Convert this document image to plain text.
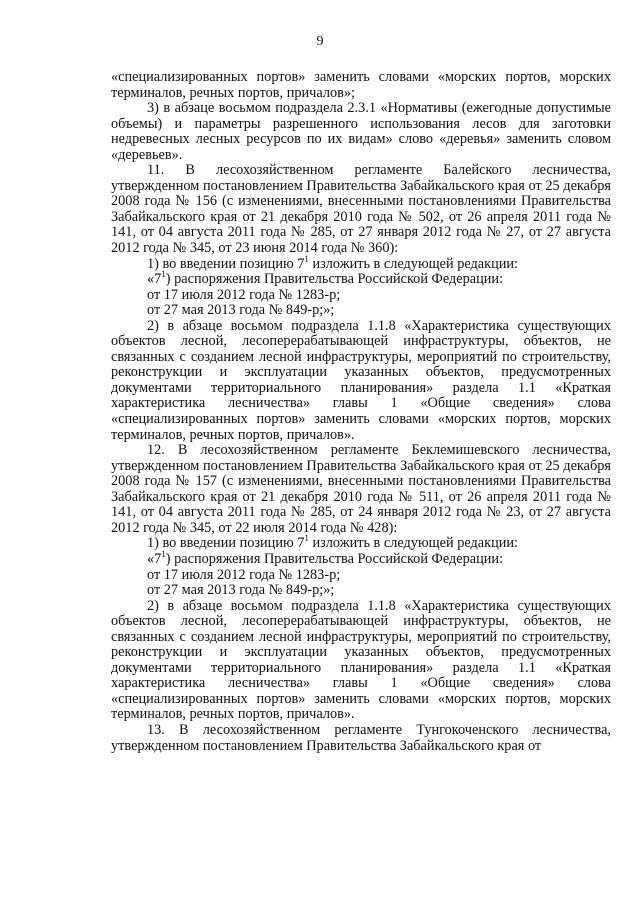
9

«специализированных портов» заменить словами «морских портов, морских терминалов, речных портов, причалов»;

3) в абзаце восьмом подраздела 2.3.1 «Нормативы (ежегодные допустимые объемы) и параметры разрешенного использования лесов для заготовки недревесных лесных ресурсов по их видам» слово «деревья» заменить словом «деревьев».

11. В лесохозяйственном регламенте Балейского лесничества, утвержденном постановлением Правительства Забайкальского края от 25 декабря 2008 года № 156 (с изменениями, внесенными постановлениями Правительства Забайкальского края от 21 декабря 2010 года № 502, от 26 апреля 2011 года № 141, от 04 августа 2011 года № 285, от 27 января 2012 года № 27, от 27 августа 2012 года № 345, от 23 июня 2014 года № 360):

1) во введении позицию $7^1$ изложить в следующей редакции:

«$7^1$) распоряжения Правительства Российской Федерации:

от 17 июля 2012 года № 1283-р;

от 27 мая 2013 года № 849-р;»;

2) в абзаце восьмом подраздела 1.1.8 «Характеристика существующих объектов лесной, лесоперерабатывающей инфраструктуры, объектов, не связанных с созданием лесной инфраструктуры, мероприятий по строительству, реконструкции и эксплуатации указанных объектов, предусмотренных документами территориального планирования» раздела 1.1 «Краткая характеристика лесничества» главы 1 «Общие сведения» слова «специализированных портов» заменить словами «морских портов, морских терминалов, речных портов, причалов».

12. В лесохозяйственном регламенте Беклемишевского лесничества, утвержденном постановлением Правительства Забайкальского края от 25 декабря 2008 года № 157 (с изменениями, внесенными постановлениями Правительства Забайкальского края от 21 декабря 2010 года № 511, от 26 апреля 2011 года № 141, от 04 августа 2011 года № 285, от 24 января 2012 года № 23, от 27 августа 2012 года № 345, от 22 июля 2014 года № 428):

1) во введении позицию $7^1$ изложить в следующей редакции:

«$7^1$) распоряжения Правительства Российской Федерации:

от 17 июля 2012 года № 1283-р;

от 27 мая 2013 года № 849-р;»;

2) в абзаце восьмом подраздела 1.1.8 «Характеристика существующих объектов лесной, лесоперерабатывающей инфраструктуры, объектов, не связанных с созданием лесной инфраструктуры, мероприятий по строительству, реконструкции и эксплуатации указанных объектов, предусмотренных документами территориального планирования» раздела 1.1 «Краткая характеристика лесничества» главы 1 «Общие сведения» слова «специализированных портов» заменить словами «морских портов, морских терминалов, речных портов, причалов».

13. В лесохозяйственном регламенте Тунгокоченского лесничества, утвержденном постановлением Правительства Забайкальского края от
